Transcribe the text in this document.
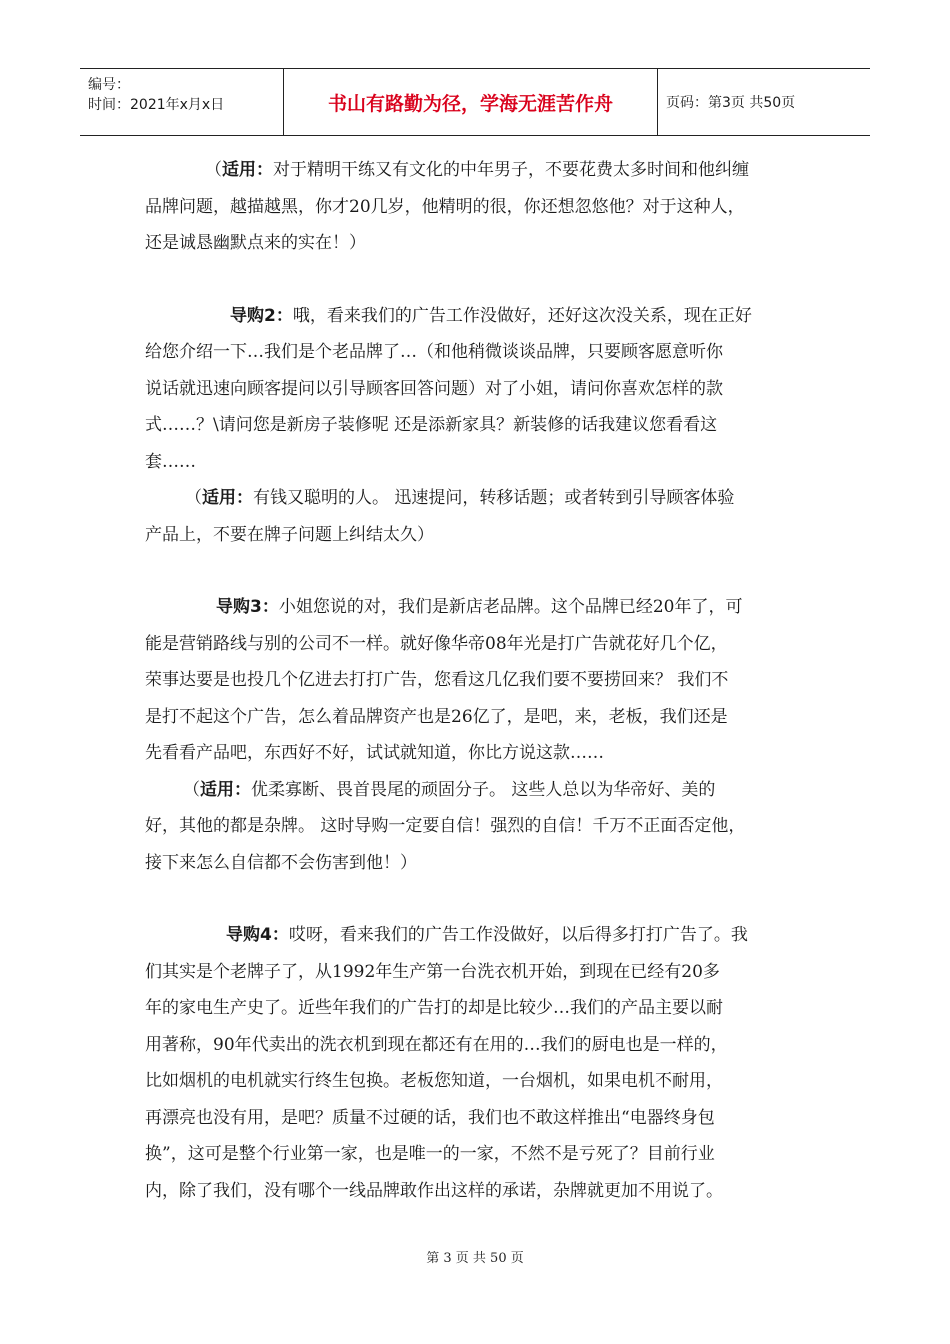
编号：
时间：2021年x月x日	书山有路勤为径，学海无涯苦作舟	页码：第3页 共50页
（适用：对于精明干练又有文化的中年男子，不要花费太多时间和他纠缠
品牌问题，越描越黑，你才20几岁，他精明的很，你还想忽悠他？对于这种人，
还是诚恳幽默点来的实在！）
　导购2：哦，看来我们的广告工作没做好，还好这次没关系，现在正好
给您介绍一下…我们是个老品牌了…（和他稍微谈谈品牌，只要顾客愿意听你
说话就迅速向顾客提问以引导顾客回答问题）对了小姐，请问你喜欢怎样的款
式……？\请问您是新房子装修呢 还是添新家具？新装修的话我建议您看看这
套……
（适用：有钱又聪明的人。 迅速提问，转移话题；或者转到引导顾客体验
产品上，不要在牌子问题上纠结太久）
　导购3：小姐您说的对，我们是新店老品牌。这个品牌已经20年了，可
能是营销路线与别的公司不一样。就好像华帝08年光是打广告就花好几个亿，
荣事达要是也投几个亿进去打打广告，您看这几亿我们要不要捞回来？ 我们不
是打不起这个广告，怎么着品牌资产也是26亿了，是吧，来，老板，我们还是
先看看产品吧，东西好不好，试试就知道，你比方说这款……
（适用：优柔寡断、畏首畏尾的顽固分子。 这些人总以为华帝好、美的
好，其他的都是杂牌。 这时导购一定要自信！强烈的自信！千万不正面否定他，
接下来怎么自信都不会伤害到他！）
　导购4：哎呀，看来我们的广告工作没做好，以后得多打打广告了。我
们其实是个老牌子了，从1992年生产第一台洗衣机开始，到现在已经有20多
年的家电生产史了。近些年我们的广告打的却是比较少…我们的产品主要以耐
用著称，90年代卖出的洗衣机到现在都还有在用的…我们的厨电也是一样的，
比如烟机的电机就实行终生包换。老板您知道，一台烟机，如果电机不耐用，
再漂亮也没有用，是吧？质量不过硬的话，我们也不敢这样推出“电器终身包
换”，这可是整个行业第一家，也是唯一的一家，不然不是亏死了？目前行业
内，除了我们，没有哪个一线品牌敢作出这样的承诺，杂牌就更加不用说了。
第 3 页 共 50 页
